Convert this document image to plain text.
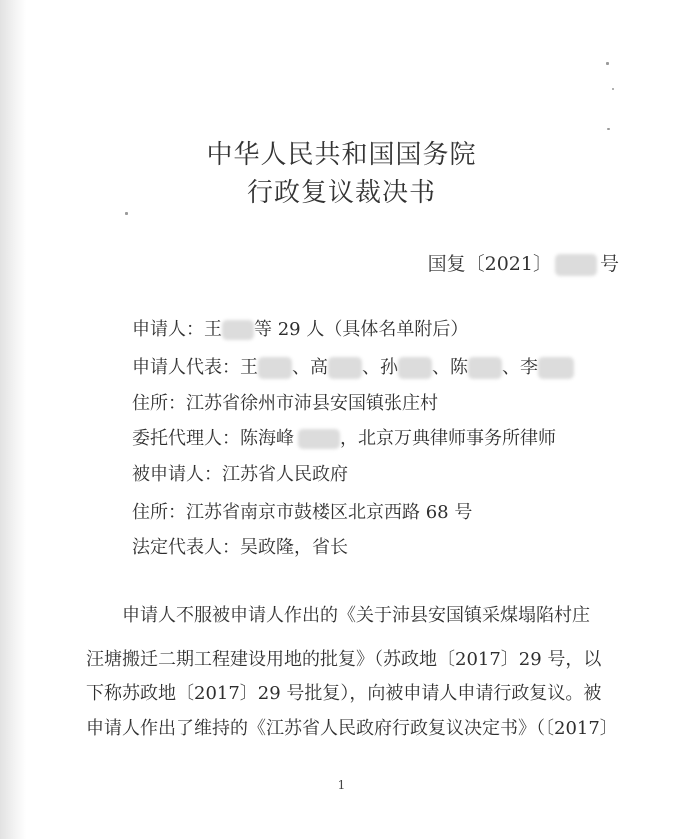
中华人民共和国国务院
行政复议裁决书
国复〔2021〕	号
申请人：王 等 29 人（具体名单附后）
申请人代表：王 、高 、孙 、陈 、李
住所：江苏省徐州市沛县安国镇张庄村
委托代理人：陈海峰	，北京万典律师事务所律师
被申请人：江苏省人民政府
住所：江苏省南京市鼓楼区北京西路 68 号
法定代表人：吴政隆，省长
申请人不服被申请人作出的《关于沛县安国镇采煤塌陷村庄
汪塘搬迁二期工程建设用地的批复》（苏政地〔2017〕29 号，以
下称苏政地〔2017〕29 号批复），向被申请人申请行政复议。被
申请人作出了维持的《江苏省人民政府行政复议决定书》（〔2017〕
1
